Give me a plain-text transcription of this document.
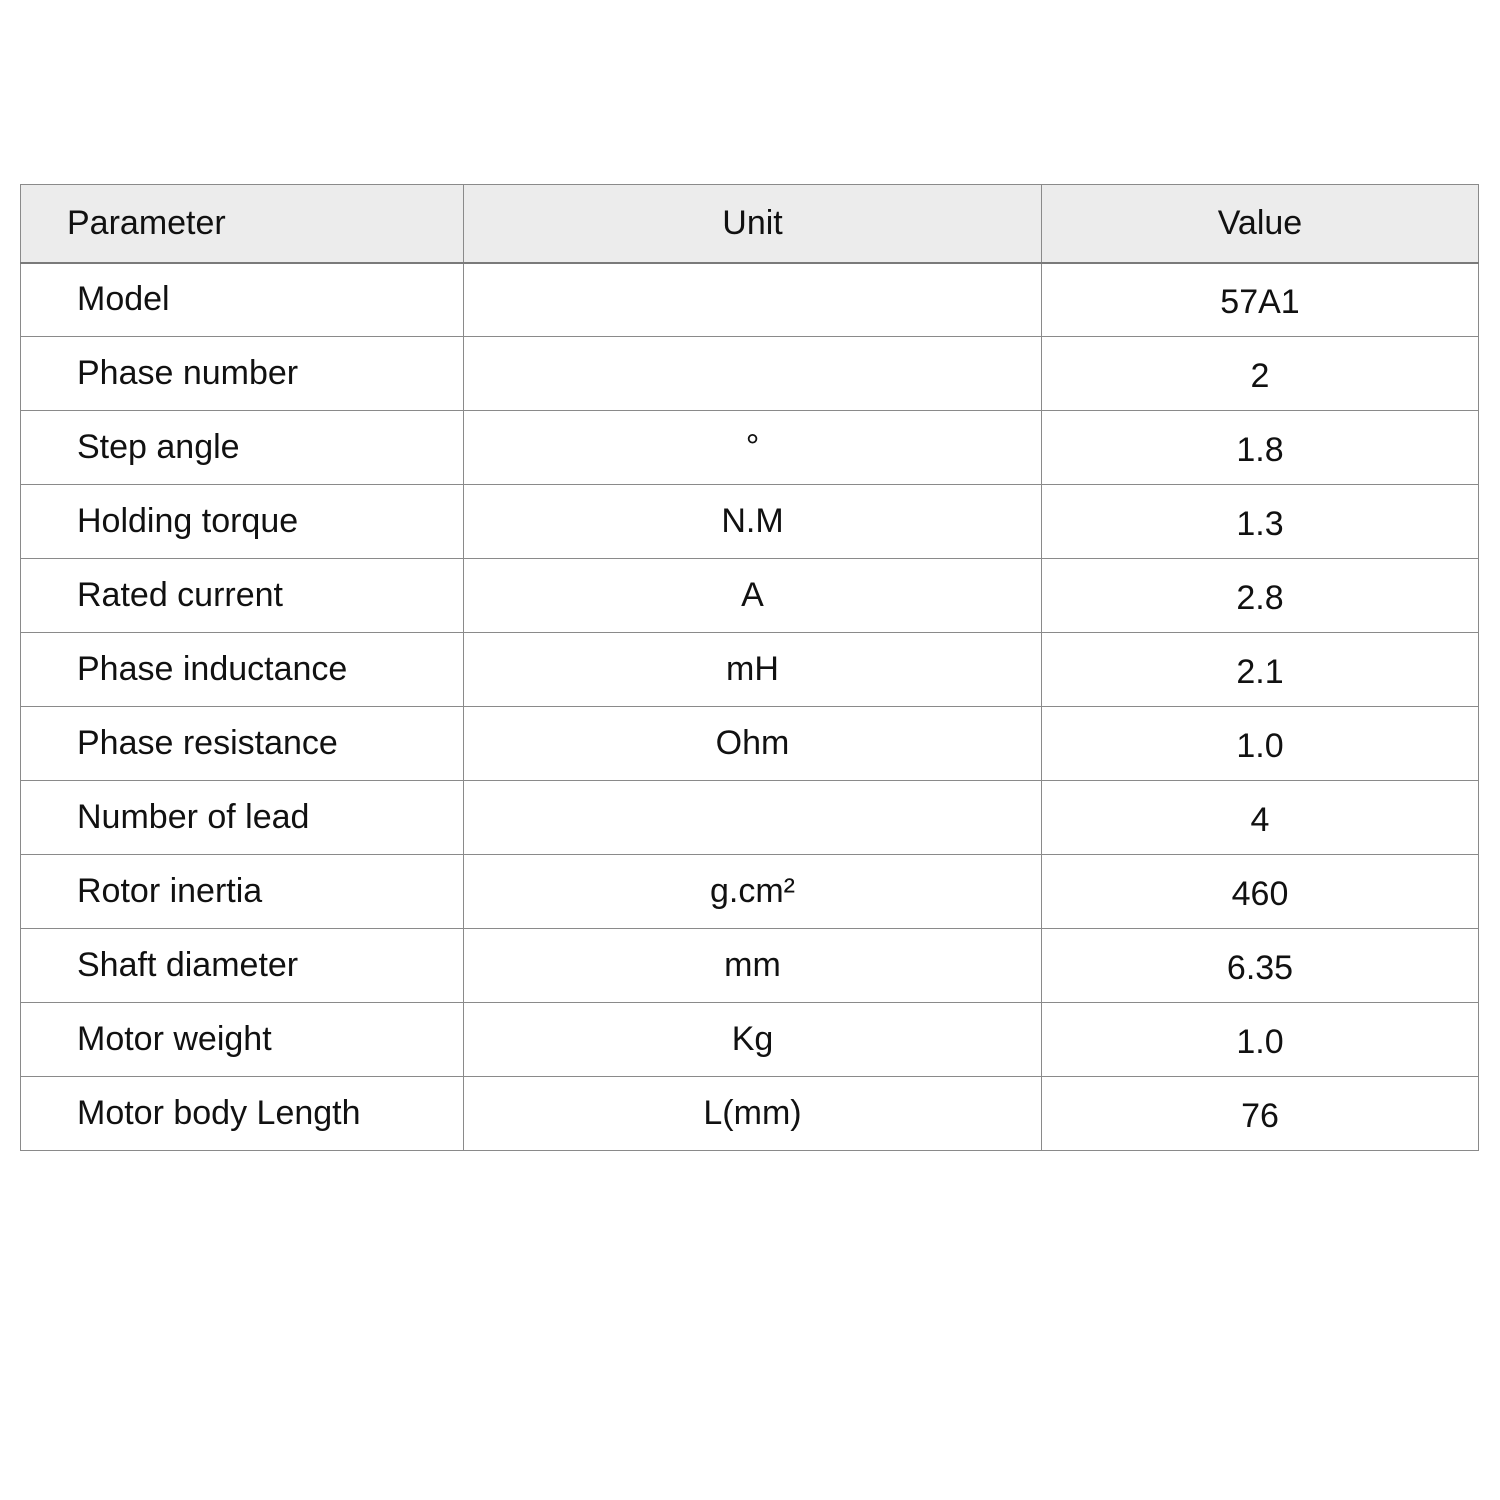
Parameter	Unit	Value
Model		57A1
Phase number		2
Step angle	°	1.8
Holding torque	N.M	1.3
Rated current	A	2.8
Phase inductance	mH	2.1
Phase resistance	Ohm	1.0
Number of lead		4
Rotor inertia	g.cm²	460
Shaft diameter	mm	6.35
Motor weight	Kg	1.0
Motor body Length	L(mm)	76
